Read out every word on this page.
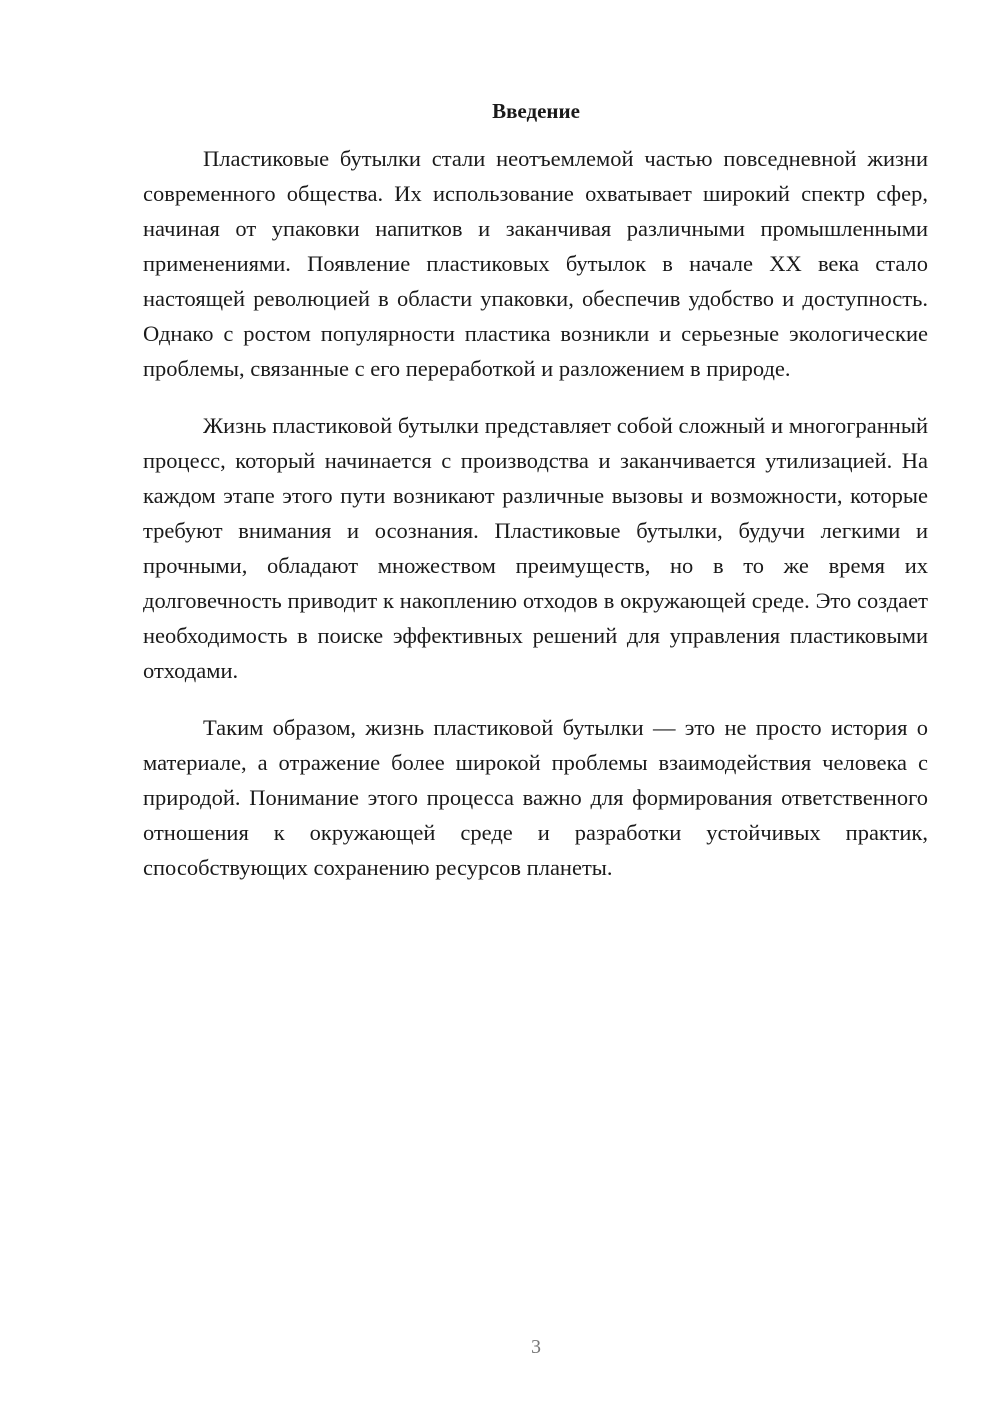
Введение

Пластиковые бутылки стали неотъемлемой частью повседневной жизни современного общества. Их использование охватывает широкий спектр сфер, начиная от упаковки напитков и заканчивая различными промышленными применениями. Появление пластиковых бутылок в начале XX века стало настоящей революцией в области упаковки, обеспечив удобство и доступность. Однако с ростом популярности пластика возникли и серьезные экологические проблемы, связанные с его переработкой и разложением в природе.

Жизнь пластиковой бутылки представляет собой сложный и многогранный процесс, который начинается с производства и заканчивается утилизацией. На каждом этапе этого пути возникают различные вызовы и возможности, которые требуют внимания и осознания. Пластиковые бутылки, будучи легкими и прочными, обладают множеством преимуществ, но в то же время их долговечность приводит к накоплению отходов в окружающей среде. Это создает необходимость в поиске эффективных решений для управления пластиковыми отходами.

Таким образом, жизнь пластиковой бутылки — это не просто история о материале, а отражение более широкой проблемы взаимодействия человека с природой. Понимание этого процесса важно для формирования ответственного отношения к окружающей среде и разработки устойчивых практик, способствующих сохранению ресурсов планеты.

3
